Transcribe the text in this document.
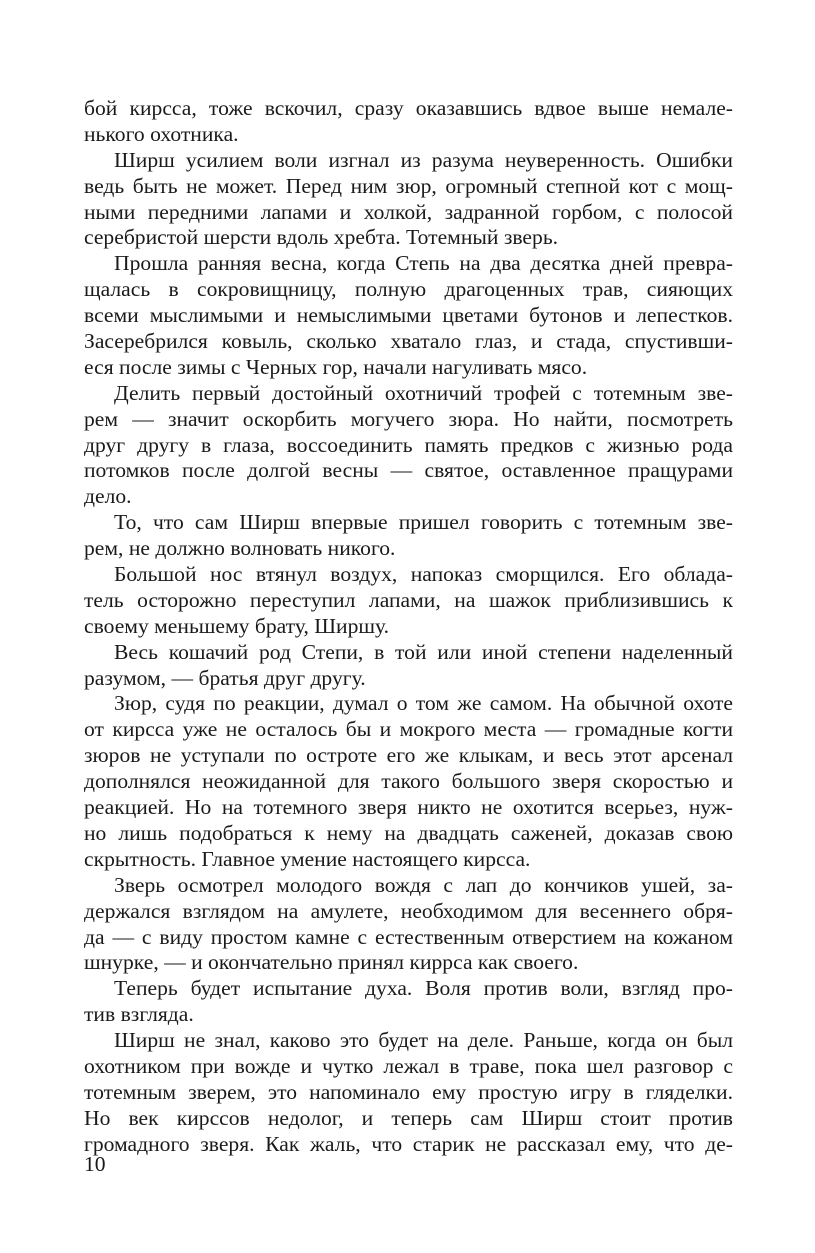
бой кирсса, тоже вскочил, сразу оказавшись вдвое выше немале-
нького охотника.
Ширш усилием воли изгнал из разума неуверенность. Ошибки
ведь быть не может. Перед ним зюр, огромный степной кот с мощ-
ными передними лапами и холкой, задранной горбом, с полосой
серебристой шерсти вдоль хребта. Тотемный зверь.
Прошла ранняя весна, когда Степь на два десятка дней превра-
щалась в сокровищницу, полную драгоценных трав, сияющих
всеми мыслимыми и немыслимыми цветами бутонов и лепестков.
Засеребрился ковыль, сколько хватало глаз, и стада, спустивши-
еся после зимы с Черных гор, начали нагуливать мясо.
Делить первый достойный охотничий трофей с тотемным зве-
рем — значит оскорбить могучего зюра. Но найти, посмотреть
друг другу в глаза, воссоединить память предков с жизнью рода
потомков после долгой весны — святое, оставленное пращурами
дело.
То, что сам Ширш впервые пришел говорить с тотемным зве-
рем, не должно волновать никого.
Большой нос втянул воздух, напоказ сморщился. Его облада-
тель осторожно переступил лапами, на шажок приблизившись к
своему меньшему брату, Ширшу.
Весь кошачий род Степи, в той или иной степени наделенный
разумом, — братья друг другу.
Зюр, судя по реакции, думал о том же самом. На обычной охоте
от кирсса уже не осталось бы и мокрого места — громадные когти
зюров не уступали по остроте его же клыкам, и весь этот арсенал
дополнялся неожиданной для такого большого зверя скоростью и
реакцией. Но на тотемного зверя никто не охотится всерьез, нуж-
но лишь подобраться к нему на двадцать саженей, доказав свою
скрытность. Главное умение настоящего кирсса.
Зверь осмотрел молодого вождя с лап до кончиков ушей, за-
держался взглядом на амулете, необходимом для весеннего обря-
да — с виду простом камне с естественным отверстием на кожаном
шнурке, — и окончательно принял киррса как своего.
Теперь будет испытание духа. Воля против воли, взгляд про-
тив взгляда.
Ширш не знал, каково это будет на деле. Раньше, когда он был
охотником при вожде и чутко лежал в траве, пока шел разговор с
тотемным зверем, это напоминало ему простую игру в гляделки.
Но век кирссов недолог, и теперь сам Ширш стоит против
громадного зверя. Как жаль, что старик не рассказал ему, что де-
10
